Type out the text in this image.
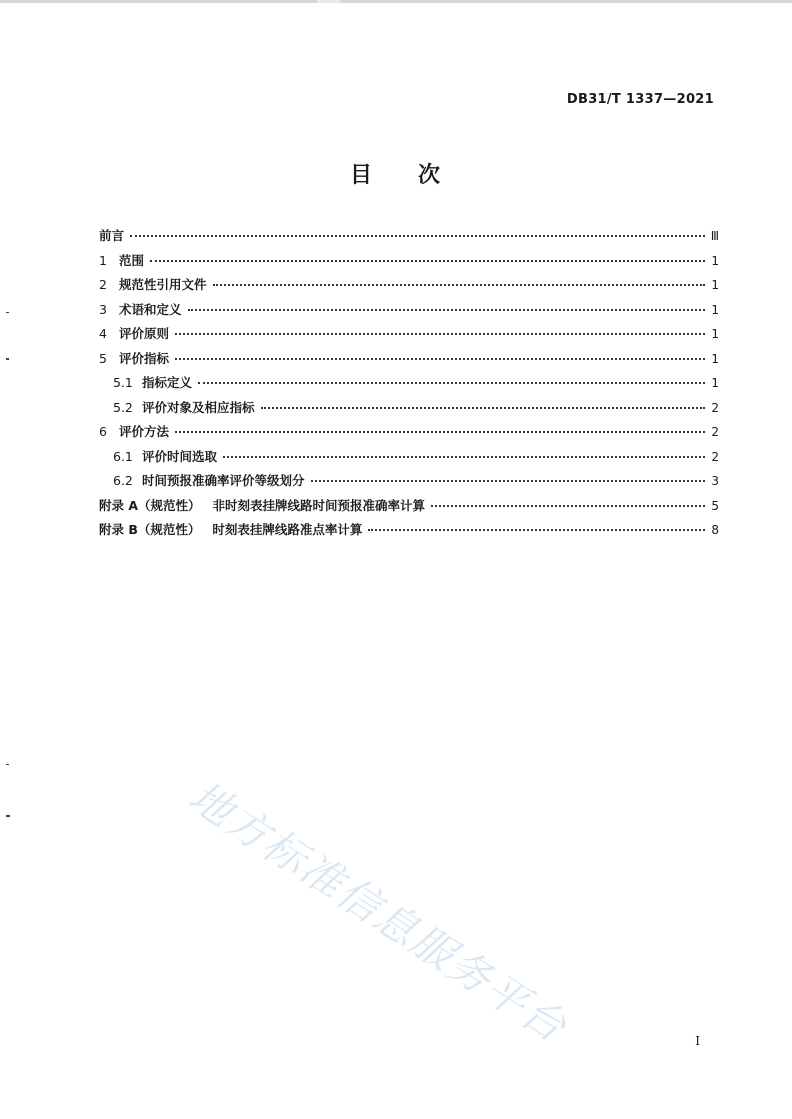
DB31/T 1337—2021
目 次
前言	Ⅲ
1 范围	1
2 规范性引用文件	1
3 术语和定义	1
4 评价原则	1
5 评价指标	1
5.1 指标定义	1
5.2 评价对象及相应指标	2
6 评价方法	2
6.1 评价时间选取	2
6.2 时间预报准确率评价等级划分	3
附录 A（规范性） 非时刻表挂牌线路时间预报准确率计算	5
附录 B（规范性） 时刻表挂牌线路准点率计算	8
地方标准信息服务平台	I
